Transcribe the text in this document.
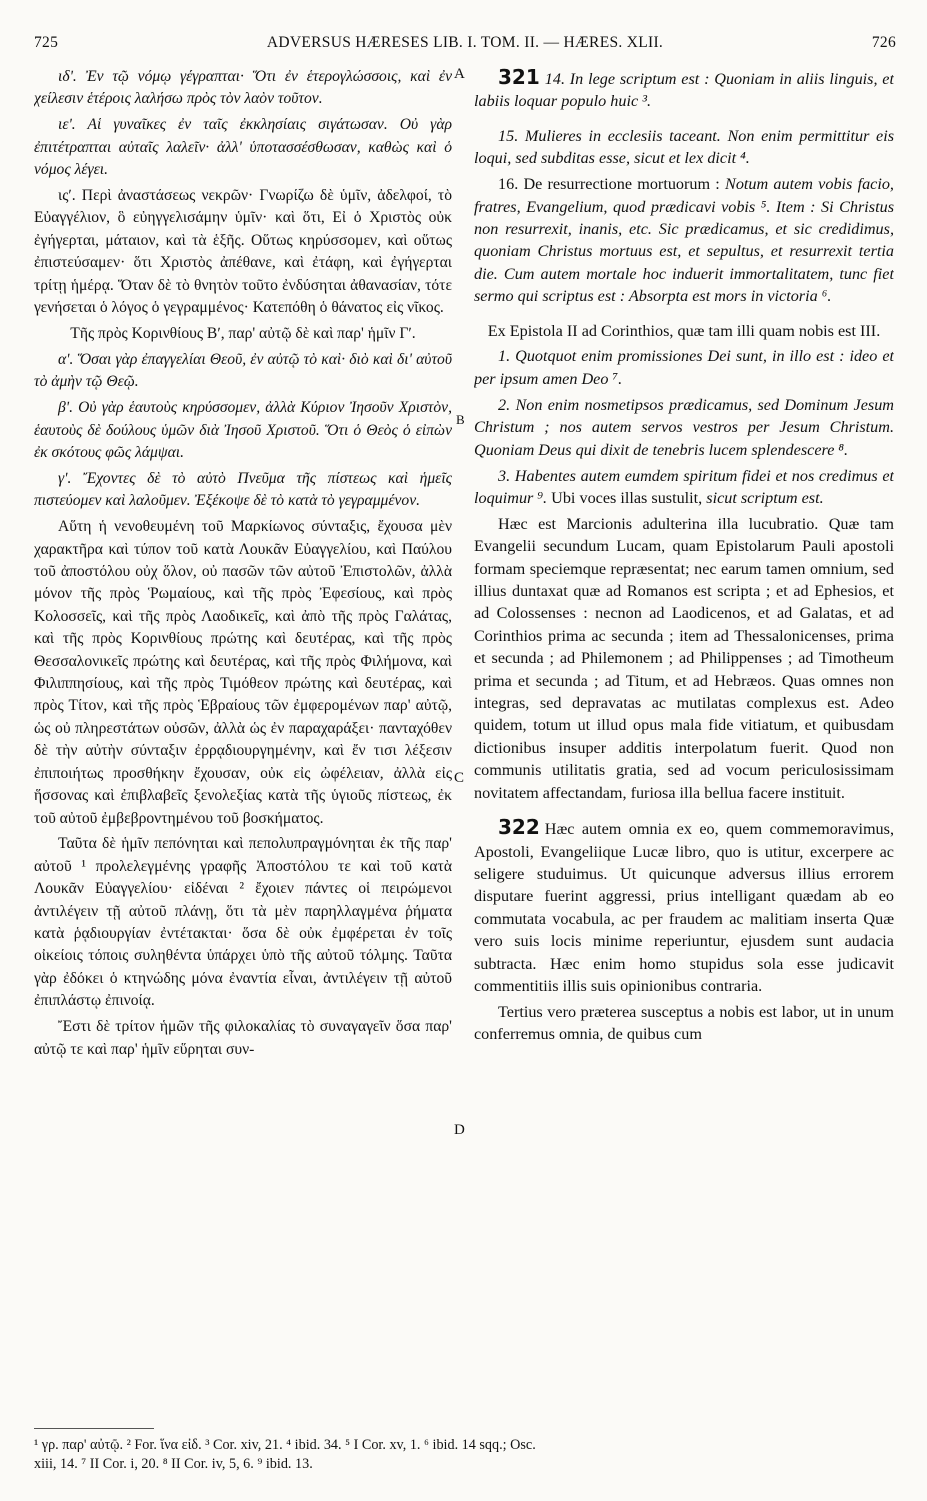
725	ADVERSUS HÆRESES LIB. I. TOM. II. — HÆRES. XLII.	726
A
B
C
D

ιδʹ. Ἐν τῷ νόμῳ γέγραπται· Ὅτι ἐν ἑτερογλώσσοις, καὶ ἐν χείλεσιν ἑτέροις λαλήσω πρὸς τὸν λαὸν τοῦτον.

ιεʹ. Αἱ γυναῖκες ἐν ταῖς ἐκκλησίαις σιγάτωσαν. Οὐ γὰρ ἐπιτέτραπται αὐταῖς λαλεῖν· ἀλλ' ὑποτασσέσθωσαν, καθὼς καὶ ὁ νόμος λέγει.

ιςʹ. Περὶ ἀναστάσεως νεκρῶν· Γνωρίζω δὲ ὑμῖν, ἀδελφοί, τὸ Εὐαγγέλιον, ὃ εὐηγγελισάμην ὑμῖν· καὶ ὅτι, Εἰ ὁ Χριστὸς οὐκ ἐγήγερται, μάταιον, καὶ τὰ ἑξῆς. Οὕτως κηρύσσομεν, καὶ οὕτως ἐπιστεύσαμεν· ὅτι Χριστὸς ἀπέθανε, καὶ ἐτάφη, καὶ ἐγήγερται τρίτῃ ἡμέρᾳ. Ὅταν δὲ τὸ θνητὸν τοῦτο ἐνδύσηται ἀθανασίαν, τότε γενήσεται ὁ λόγος ὁ γεγραμμένος· Κατεπόθη ὁ θάνατος εἰς νῖκος.

Τῆς πρὸς Κορινθίους Βʹ, παρ' αὐτῷ δὲ καὶ παρ' ἡμῖν Γʹ.

αʹ. Ὅσαι γὰρ ἐπαγγελίαι Θεοῦ, ἐν αὐτῷ τὸ καὶ· διὸ καὶ δι' αὐτοῦ τὸ ἀμὴν τῷ Θεῷ.

βʹ. Οὐ γὰρ ἑαυτοὺς κηρύσσομεν, ἀλλὰ Κύριον Ἰησοῦν Χριστὸν, ἑαυτοὺς δὲ δούλους ὑμῶν διὰ Ἰησοῦ Χριστοῦ. Ὅτι ὁ Θεὸς ὁ εἰπὼν ἐκ σκότους φῶς λάμψαι.

γʹ. Ἔχοντες δὲ τὸ αὐτὸ Πνεῦμα τῆς πίστεως καὶ ἡμεῖς πιστεύομεν καὶ λαλοῦμεν. Ἐξέκοψε δὲ τὸ κατὰ τὸ γεγραμμένον.

Αὕτη ἡ νενοθευμένη τοῦ Μαρκίωνος σύνταξις, ἔχουσα μὲν χαρακτῆρα καὶ τύπον τοῦ κατὰ Λουκᾶν Εὐαγγελίου, καὶ Παύλου τοῦ ἀποστόλου οὐχ ὅλον, οὐ πασῶν τῶν αὐτοῦ Ἐπιστολῶν, ἀλλὰ μόνον τῆς πρὸς Ῥωμαίους, καὶ τῆς πρὸς Ἐφεσίους, καὶ πρὸς Κολοσσεῖς, καὶ τῆς πρὸς Λαοδικεῖς, καὶ ἀπὸ τῆς πρὸς Γαλάτας, καὶ τῆς πρὸς Κορινθίους πρώτης καὶ δευτέρας, καὶ τῆς πρὸς Θεσσαλονικεῖς πρώτης καὶ δευτέρας, καὶ τῆς πρὸς Φιλήμονα, καὶ Φιλιππησίους, καὶ τῆς πρὸς Τιμόθεον πρώτης καὶ δευτέρας, καὶ πρὸς Τίτον, καὶ τῆς πρὸς Ἑβραίους τῶν ἐμφερομένων παρ' αὐτῷ, ὡς οὐ πληρεστάτων οὐσῶν, ἀλλὰ ὡς ἐν παραχαράξει· πανταχόθεν δὲ τὴν αὐτὴν σύνταξιν ἐρρᾳδιουργημένην, καὶ ἔν τισι λέξεσιν ἐπιποιήτως προσθήκην ἔχουσαν, οὐκ εἰς ὠφέλειαν, ἀλλὰ εἰς ἥσσονας καὶ ἐπιβλαβεῖς ξενολεξίας κατὰ τῆς ὑγιοῦς πίστεως, ἐκ τοῦ αὐτοῦ ἐμβεβροντημένου τοῦ βοσκήματος.

Ταῦτα δὲ ἡμῖν πεπόνηται καὶ πεπολυπραγμόνηται ἐκ τῆς παρ' αὐτοῦ ¹ προλελεγμένης γραφῆς Ἀποστόλου τε καὶ τοῦ κατὰ Λουκᾶν Εὐαγγελίου· εἰδέναι ² ἔχοιεν πάντες οἱ πειρώμενοι ἀντιλέγειν τῇ αὐτοῦ πλάνῃ, ὅτι τὰ μὲν παρηλλαγμένα ῥήματα κατὰ ῥᾳδιουργίαν ἐντέτακται· ὅσα δὲ οὐκ ἐμφέρεται ἐν τοῖς οἰκείοις τόποις συληθέντα ὑπάρχει ὑπὸ τῆς αὐτοῦ τόλμης. Ταῦτα γὰρ ἐδόκει ὁ κτηνώδης μόνα ἐναντία εἶναι, ἀντιλέγειν τῇ αὐτοῦ ἐπιπλάστῳ ἐπινοίᾳ.

Ἔστι δὲ τρίτον ἡμῶν τῆς φιλοκαλίας τὸ συναγαγεῖν ὅσα παρ' αὐτῷ τε καὶ παρ' ἡμῖν εὕρηται συν-

321 14. In lege scriptum est : Quoniam in aliis linguis, et labiis loquar populo huic ³.

15. Mulieres in ecclesiis taceant. Non enim permittitur eis loqui, sed subditas esse, sicut et lex dicit ⁴.

16. De resurrectione mortuorum : Notum autem vobis facio, fratres, Evangelium, quod prædicavi vobis ⁵. Item : Si Christus non resurrexit, inanis, etc. Sic prædicamus, et sic credidimus, quoniam Christus mortuus est, et sepultus, et resurrexit tertia die. Cum autem mortale hoc induerit immortalitatem, tunc fiet sermo qui scriptus est : Absorpta est mors in victoria ⁶.

Ex Epistola II ad Corinthios, quæ tam illi quam nobis est III.

1. Quotquot enim promissiones Dei sunt, in illo est : ideo et per ipsum amen Deo ⁷.

2. Non enim nosmetipsos prædicamus, sed Dominum Jesum Christum ; nos autem servos vestros per Jesum Christum. Quoniam Deus qui dixit de tenebris lucem splendescere ⁸.

3. Habentes autem eumdem spiritum fidei et nos credimus et loquimur ⁹. Ubi voces illas sustulit, sicut scriptum est.

Hæc est Marcionis adulterina illa lucubratio. Quæ tam Evangelii secundum Lucam, quam Epistolarum Pauli apostoli formam speciemque repræsentat; nec earum tamen omnium, sed illius duntaxat quæ ad Romanos est scripta ; et ad Ephesios, et ad Colossenses : necnon ad Laodicenos, et ad Galatas, et ad Corinthios prima ac secunda ; item ad Thessalonicenses, prima et secunda ; ad Philemonem ; ad Philippenses ; ad Timotheum prima et secunda ; ad Titum, et ad Hebræos. Quas omnes non integras, sed depravatas ac mutilatas complexus est. Adeo quidem, totum ut illud opus mala fide vitiatum, et quibusdam dictionibus insuper additis interpolatum fuerit. Quod non communis utilitatis gratia, sed ad vocum periculosissimam novitatem affectandam, furiosa illa bellua facere instituit.

322 Hæc autem omnia ex eo, quem commemoravimus, Apostoli, Evangeliique Lucæ libro, quo is utitur, excerpere ac seligere studuimus. Ut quicunque adversus illius errorem disputare fuerint aggressi, prius intelligant quædam ab eo commutata vocabula, ac per fraudem ac malitiam inserta Quæ vero suis locis minime reperiuntur, ejusdem sunt audacia subtracta. Hæc enim homo stupidus sola esse judicavit commentitiis illis suis opinionibus contraria.

Tertius vero præterea susceptus a nobis est labor, ut in unum conferremus omnia, de quibus cum

¹ γρ. παρ' αὐτῷ. ² For. ἵνα εἰδ. ³ Cor. xiv, 21. ⁴ ibid. 34. ⁵ I Cor. xv, 1. ⁶ ibid. 14 sqq.; Osc.
xiii, 14. ⁷ II Cor. i, 20. ⁸ II Cor. iv, 5, 6. ⁹ ibid. 13.
